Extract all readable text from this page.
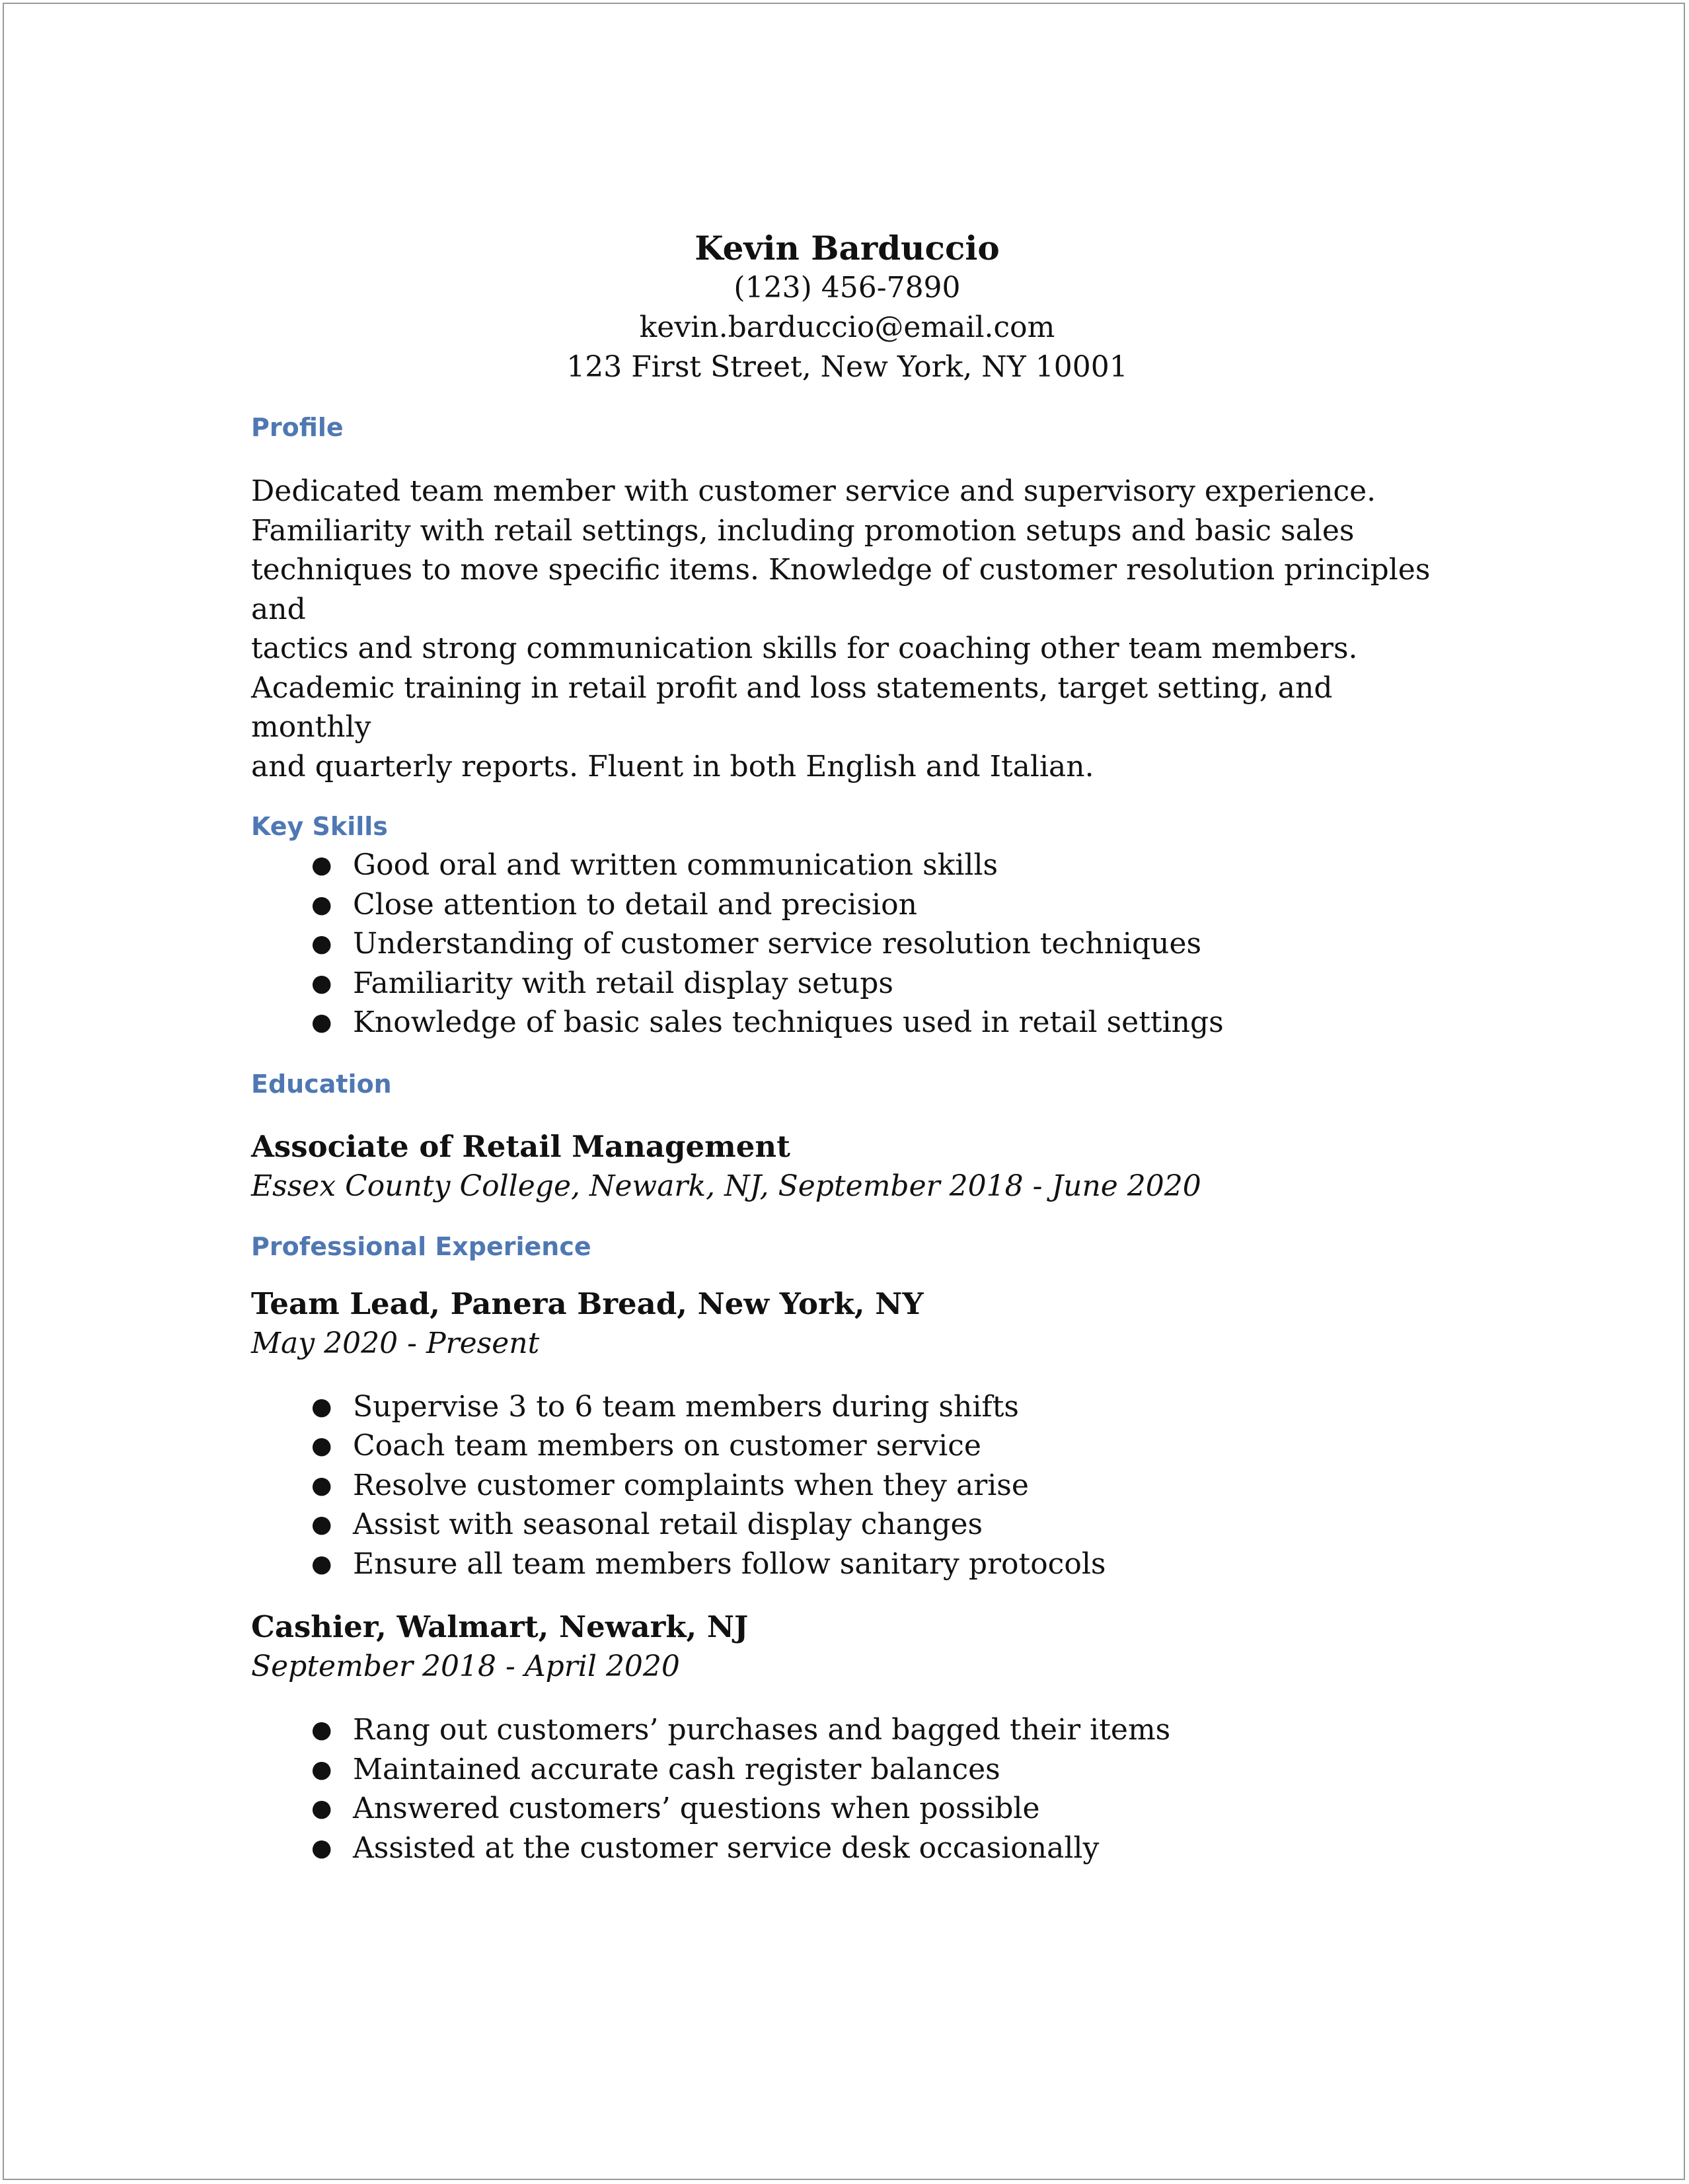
Kevin Barduccio

(123) 456-7890

kevin.barduccio@email.com

123 First Street, New York, NY 10001

Profile

Dedicated team member with customer service and supervisory experience.

Familiarity with retail settings, including promotion setups and basic sales

techniques to move specific items. Knowledge of customer resolution principles and

tactics and strong communication skills for coaching other team members.

Academic training in retail profit and loss statements, target setting, and monthly

and quarterly reports. Fluent in both English and Italian.

Key Skills

● Good oral and written communication skills
● Close attention to detail and precision
● Understanding of customer service resolution techniques
● Familiarity with retail display setups
● Knowledge of basic sales techniques used in retail settings

Education

Associate of Retail Management

Essex County College, Newark, NJ, September 2018 - June 2020

Professional Experience

Team Lead, Panera Bread, New York, NY

May 2020 - Present

● Supervise 3 to 6 team members during shifts
● Coach team members on customer service
● Resolve customer complaints when they arise
● Assist with seasonal retail display changes
● Ensure all team members follow sanitary protocols

Cashier, Walmart, Newark, NJ

September 2018 - April 2020

● Rang out customers’ purchases and bagged their items
● Maintained accurate cash register balances
● Answered customers’ questions when possible
● Assisted at the customer service desk occasionally
